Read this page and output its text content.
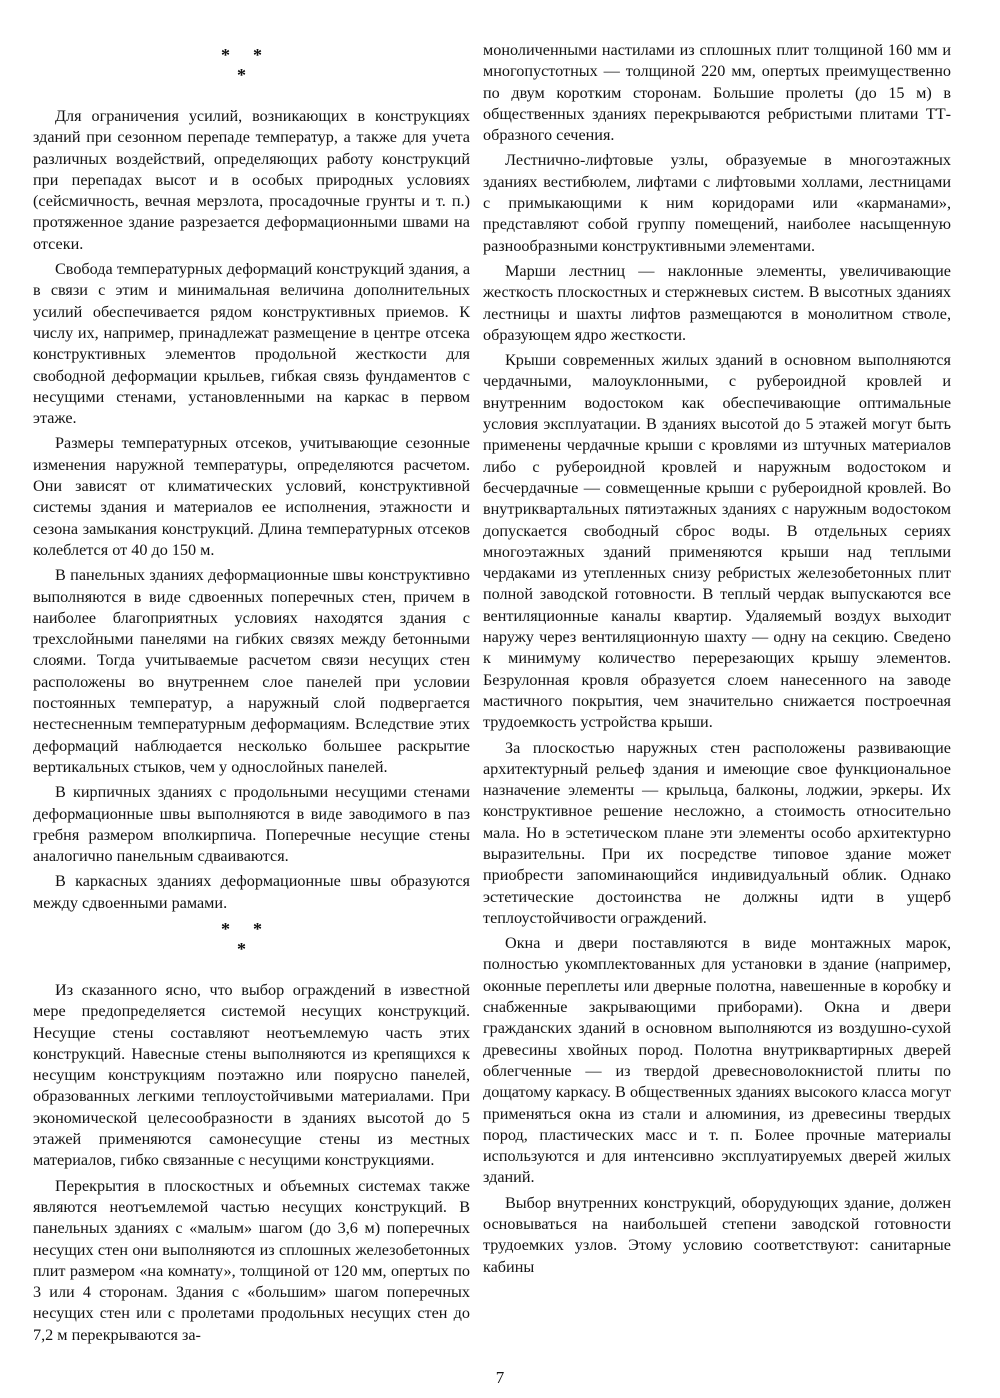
* *
*

Для ограничения усилий, возникающих в конструкциях зданий при сезонном перепаде температур, а также для учета различных воздействий, определяющих работу конструкций при перепадах высот и в особых природных условиях (сейсмичность, вечная мерзлота, просадочные грунты и т. п.) протяженное здание разрезается деформационными швами на отсеки.

Свобода температурных деформаций конструкций здания, а в связи с этим и минимальная величина дополнительных усилий обеспечивается рядом конструктивных приемов. К числу их, например, принадлежат размещение в центре отсека конструктивных элементов продольной жесткости для свободной деформации крыльев, гибкая связь фундаментов с несущими стенами, установленными на каркас в первом этаже.

Размеры температурных отсеков, учитывающие сезонные изменения наружной температуры, определяются расчетом. Они зависят от климатических условий, конструктивной системы здания и материалов ее исполнения, этажности и сезона замыкания конструкций. Длина температурных отсеков колеблется от 40 до 150 м.

В панельных зданиях деформационные швы конструктивно выполняются в виде сдвоенных поперечных стен, причем в наиболее благоприятных условиях находятся здания с трехслойными панелями на гибких связях между бетонными слоями. Тогда учитываемые расчетом связи несущих стен расположены во внутреннем слое панелей при условии постоянных температур, а наружный слой подвергается нестесненным температурным деформациям. Вследствие этих деформаций наблюдается несколько большее раскрытие вертикальных стыков, чем у однослойных панелей.

В кирпичных зданиях с продольными несущими стенами деформационные швы выполняются в виде заводимого в паз гребня размером вполкирпича. Поперечные несущие стены аналогично панельным сдваиваются.

В каркасных зданиях деформационные швы образуются между сдвоенными рамами.

* *
*

Из сказанного ясно, что выбор ограждений в известной мере предопределяется системой несущих конструкций. Несущие стены составляют неотъемлемую часть этих конструкций. Навесные стены выполняются из крепящихся к несущим конструкциям поэтажно или поярусно панелей, образованных легкими теплоустойчивыми материалами. При экономической целесообразности в зданиях высотой до 5 этажей применяются самонесущие стены из местных материалов, гибко связанные с несущими конструкциями.

Перекрытия в плоскостных и объемных системах также являются неотъемлемой частью несущих конструкций. В панельных зданиях с «малым» шагом (до 3,6 м) поперечных несущих стен они выполняются из сплошных железобетонных плит размером «на комнату», толщиной от 120 мм, опертых по 3 или 4 сторонам. Здания с «большим» шагом поперечных несущих стен или с пролетами продольных несущих стен до 7,2 м перекрываются за-

моноличенными настилами из сплошных плит толщиной 160 мм и многопустотных — толщиной 220 мм, опертых преимущественно по двум коротким сторонам. Большие пролеты (до 15 м) в общественных зданиях перекрываются ребристыми плитами ТТ-образного сечения.

Лестнично-лифтовые узлы, образуемые в многоэтажных зданиях вестибюлем, лифтами с лифтовыми холлами, лестницами с примыкающими к ним коридорами или «карманами», представляют собой группу помещений, наиболее насыщенную разнообразными конструктивными элементами.

Марши лестниц — наклонные элементы, увеличивающие жесткость плоскостных и стержневых систем. В высотных зданиях лестницы и шахты лифтов размещаются в монолитном стволе, образующем ядро жесткости.

Крыши современных жилых зданий в основном выполняются чердачными, малоуклонными, с рубероидной кровлей и внутренним водостоком как обеспечивающие оптимальные условия эксплуатации. В зданиях высотой до 5 этажей могут быть применены чердачные крыши с кровлями из штучных материалов либо с рубероидной кровлей и наружным водостоком и бесчердачные — совмещенные крыши с рубероидной кровлей. Во внутриквартальных пятиэтажных зданиях с наружным водостоком допускается свободный сброс воды. В отдельных сериях многоэтажных зданий применяются крыши над теплыми чердаками из утепленных снизу ребристых железобетонных плит полной заводской готовности. В теплый чердак выпускаются все вентиляционные каналы квартир. Удаляемый воздух выходит наружу через вентиляционную шахту — одну на секцию. Сведено к минимуму количество перерезающих крышу элементов. Безрулонная кровля образуется слоем нанесенного на заводе мастичного покрытия, чем значительно снижается построечная трудоемкость устройства крыши.

За плоскостью наружных стен расположены развивающие архитектурный рельеф здания и имеющие свое функциональное назначение элементы — крыльца, балконы, лоджии, эркеры. Их конструктивное решение несложно, а стоимость относительно мала. Но в эстетическом плане эти элементы особо архитектурно выразительны. При их посредстве типовое здание может приобрести запоминающийся индивидуальный облик. Однако эстетические достоинства не должны идти в ущерб теплоустойчивости ограждений.

Окна и двери поставляются в виде монтажных марок, полностью укомплектованных для установки в здание (например, оконные переплеты или дверные полотна, навешенные в коробку и снабженные закрывающими приборами). Окна и двери гражданских зданий в основном выполняются из воздушно-сухой древесины хвойных пород. Полотна внутриквартирных дверей облегченные — из твердой древесноволокнистой плиты по дощатому каркасу. В общественных зданиях высокого класса могут применяться окна из стали и алюминия, из древесины твердых пород, пластических масс и т. п. Более прочные материалы используются и для интенсивно эксплуатируемых дверей жилых зданий.

Выбор внутренних конструкций, оборудующих здание, должен основываться на наибольшей степени заводской готовности трудоемких узлов. Этому условию соответствуют: санитарные кабины

7
